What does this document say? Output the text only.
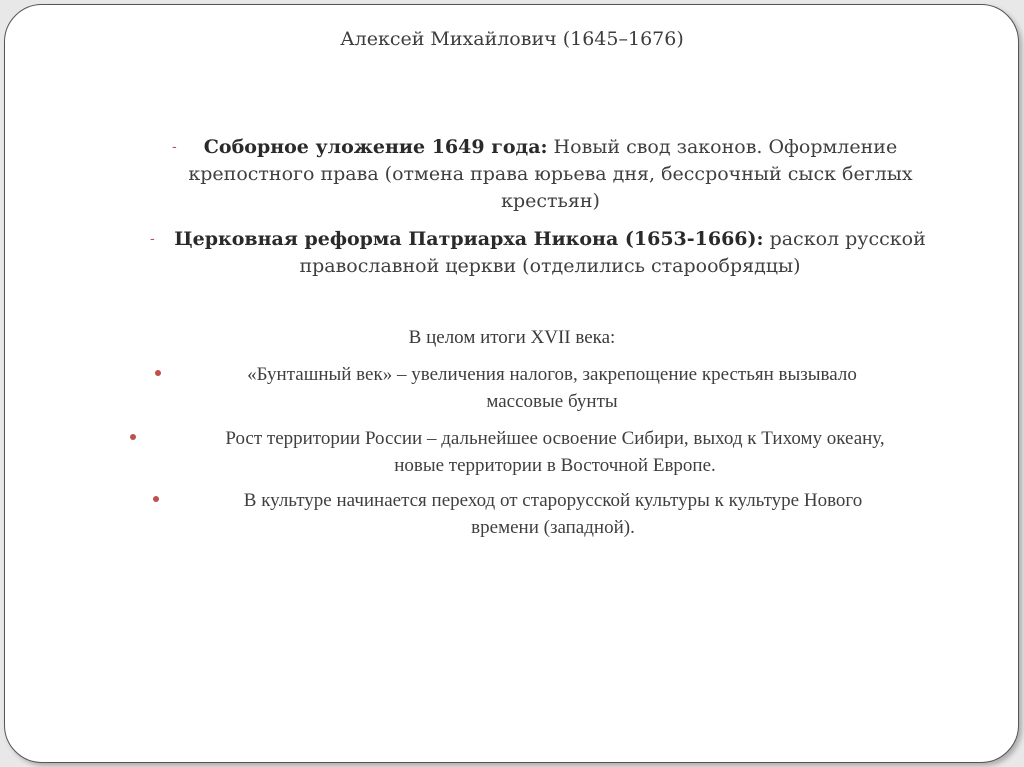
Алексей Михайлович (1645–1676)
-	Соборное уложение 1649 года: Новый свод законов. Оформление
крепостного права (отмена права юрьева дня, бессрочный сыск беглых
крестьян)
-	Церковная реформа Патриарха Никона (1653-1666): раскол русской
православной церкви (отделились старообрядцы)
В целом итоги XVII века:
«Бунташный век» – увеличения налогов, закрепощение крестьян вызывало
массовые бунты
Рост территории России – дальнейшее освоение Сибири, выход к Тихому океану,
новые территории в Восточной Европе.
В культуре начинается переход от старорусской культуры к культуре Нового
времени (западной).
